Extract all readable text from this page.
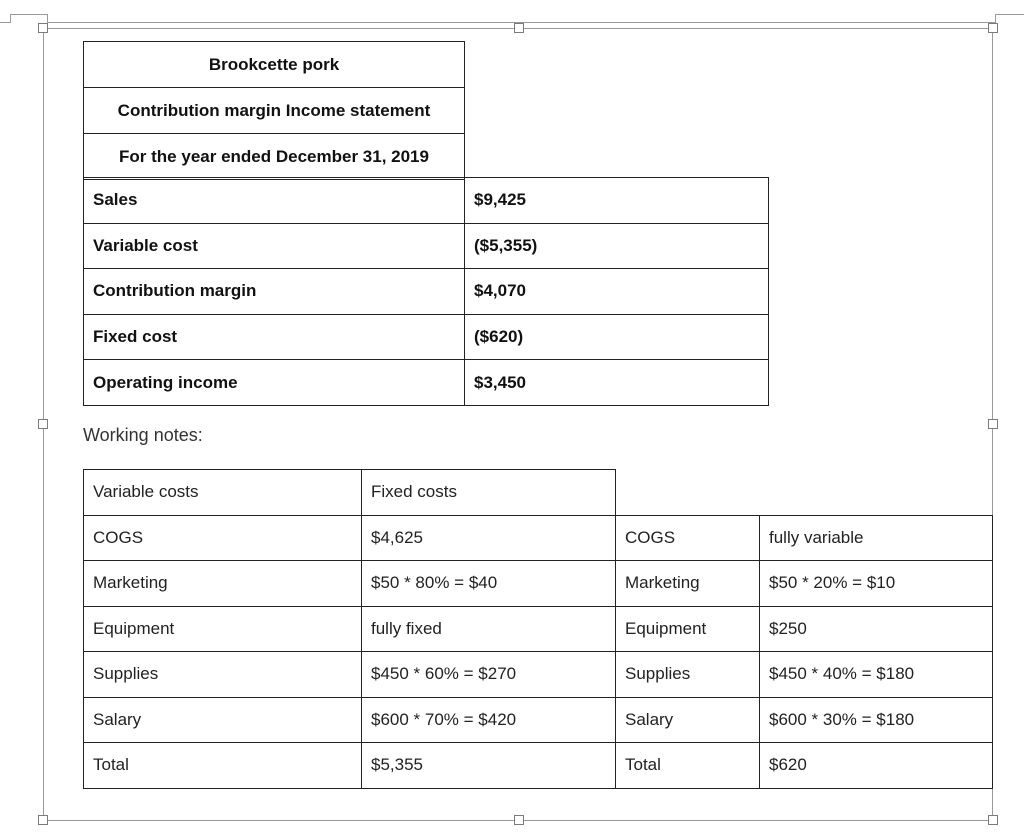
Brookcette pork
Contribution margin Income statement
For the year ended December 31, 2019
Sales	$9,425
Variable cost	($5,355)
Contribution margin	$4,070
Fixed cost	($620)
Operating income	$3,450
Working notes:
Variable costs	Fixed costs		
COGS	$4,625	COGS	fully variable
Marketing	$50 * 80% = $40	Marketing	$50 * 20% = $10
Equipment	fully fixed	Equipment	$250
Supplies	$450 * 60% = $270	Supplies	$450 * 40% = $180
Salary	$600 * 70% = $420	Salary	$600 * 30% = $180
Total	$5,355	Total	$620
